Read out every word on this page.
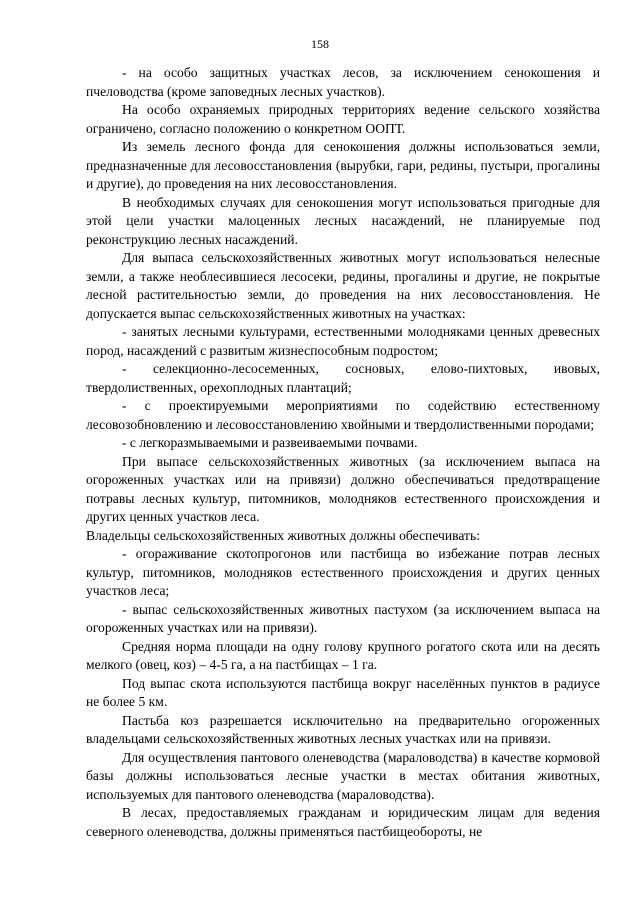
158

- на особо защитных участках лесов, за исключением сенокошения и пчеловодства (кроме заповедных лесных участков).

На особо охраняемых природных территориях ведение сельского хозяйства ограничено, согласно положению о конкретном ООПТ.

Из земель лесного фонда для сенокошения должны использоваться земли, предназначенные для лесовосстановления (вырубки, гари, редины, пустыри, прогалины и другие), до проведения на них лесовосстановления.

В необходимых случаях для сенокошения могут использоваться пригодные для этой цели участки малоценных лесных насаждений, не планируемые под реконструкцию лесных насаждений.

Для выпаса сельскохозяйственных животных могут использоваться нелесные земли, а также необлесившиеся лесосеки, редины, прогалины и другие, не покрытые лесной растительностью земли, до проведения на них лесовосстановления. Не допускается выпас сельскохозяйственных животных на участках:

- занятых лесными культурами, естественными молодняками ценных древесных пород, насаждений с развитым жизнеспособным подростом;

- селекционно-лесосеменных, сосновых, елово-пихтовых, ивовых, твердолиственных, орехоплодных плантаций;

- с проектируемыми мероприятиями по содействию естественному лесовозобновлению и лесовосстановлению хвойными и твердолиственными породами;

- с легкоразмываемыми и развеиваемыми почвами.

При выпасе сельскохозяйственных животных (за исключением выпаса на огороженных участках или на привязи) должно обеспечиваться предотвращение потравы лесных культур, питомников, молодняков естественного происхождения и других ценных участков леса.

Владельцы сельскохозяйственных животных должны обеспечивать:

- огораживание скотопрогонов или пастбища во избежание потрав лесных культур, питомников, молодняков естественного происхождения и других ценных участков леса;

- выпас сельскохозяйственных животных пастухом (за исключением выпаса на огороженных участках или на привязи).

Средняя норма площади на одну голову крупного рогатого скота или на десять мелкого (овец, коз) – 4-5 га, а на пастбищах – 1 га.

Под выпас скота используются пастбища вокруг населённых пунктов в радиусе не более 5 км.

Пастьба коз разрешается исключительно на предварительно огороженных владельцами сельскохозяйственных животных лесных участках или на привязи.

Для осуществления пантового оленеводства (мараловодства) в качестве кормовой базы должны использоваться лесные участки в местах обитания животных, используемых для пантового оленеводства (мараловодства).

В лесах, предоставляемых гражданам и юридическим лицам для ведения северного оленеводства, должны применяться пастбищеобороты, не
